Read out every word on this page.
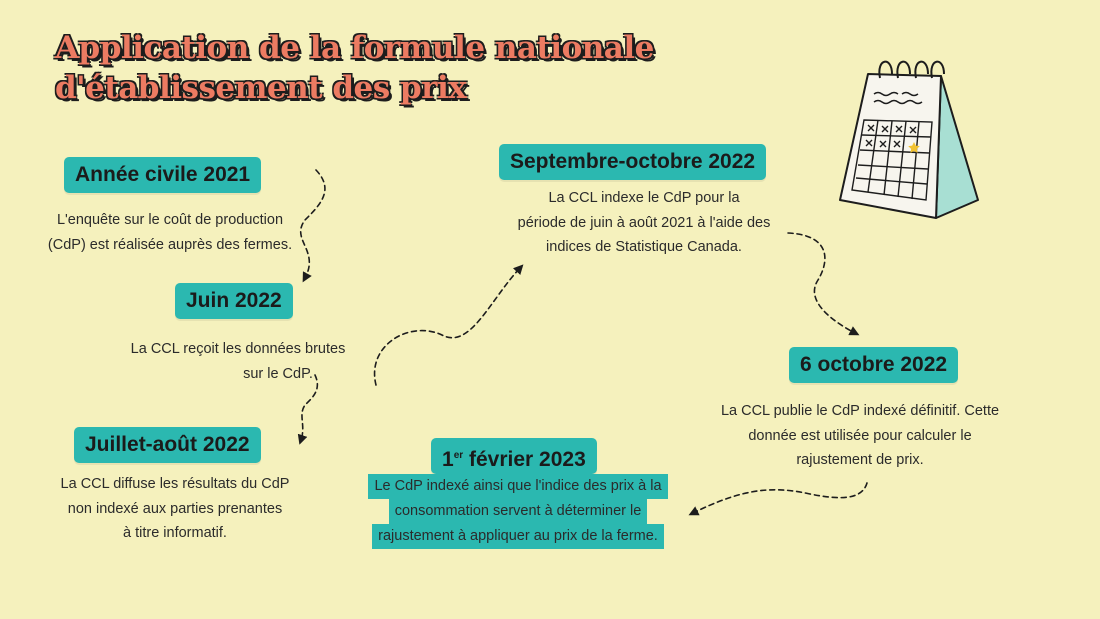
Application de la formule nationale
d'établissement des prix
Année civile 2021
L'enquête sur le coût de production
(CdP) est réalisée auprès des fermes.
Juin 2022
La CCL reçoit les données brutes
sur le CdP.
Juillet-août 2022
La CCL diffuse les résultats du CdP
non indexé aux parties prenantes
à titre informatif.
Septembre-octobre 2022
La CCL indexe le CdP pour la
période de juin à août 2021 à l'aide des
indices de Statistique Canada.
6 octobre 2022
La CCL publie le CdP indexé définitif. Cette
donnée est utilisée pour calculer le
rajustement de prix.
1er février 2023
Le CdP indexé ainsi que l'indice des prix à la
consommation servent à déterminer le
rajustement à appliquer au prix de la ferme.
